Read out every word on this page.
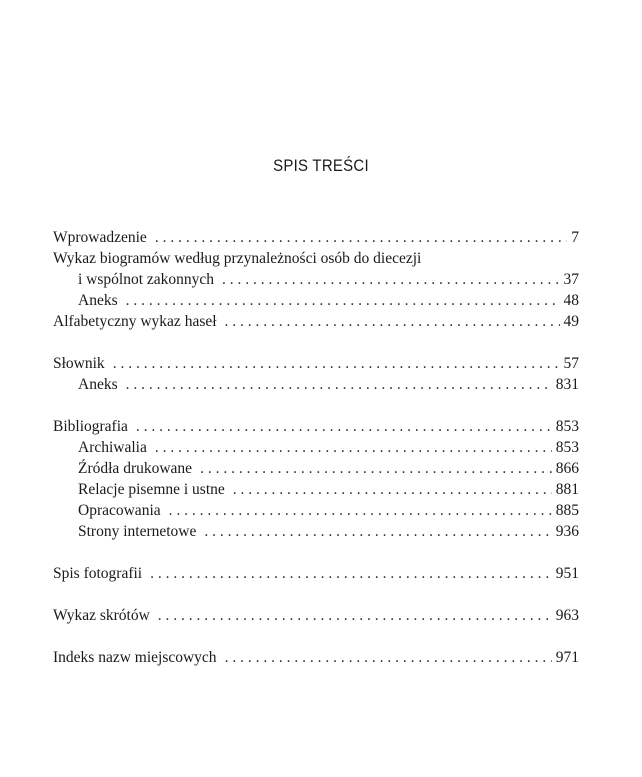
SPIS TREŚCI
Wprowadzenie . . .	7
Wykaz biogramów według przynależności osób do diecezji
i wspólnot zakonnych . . .	37
Aneks . . .	48
Alfabetyczny wykaz haseł . . .	49
Słownik . . .	57
Aneks . . .	831
Bibliografia . . .	853
Archiwalia . . .	853
Źródła drukowane . . .	866
Relacje pisemne i ustne . . .	881
Opracowania . . .	885
Strony internetowe . . .	936
Spis fotografii . . .	951
Wykaz skrótów . . .	963
Indeks nazw miejscowych . . .	971
